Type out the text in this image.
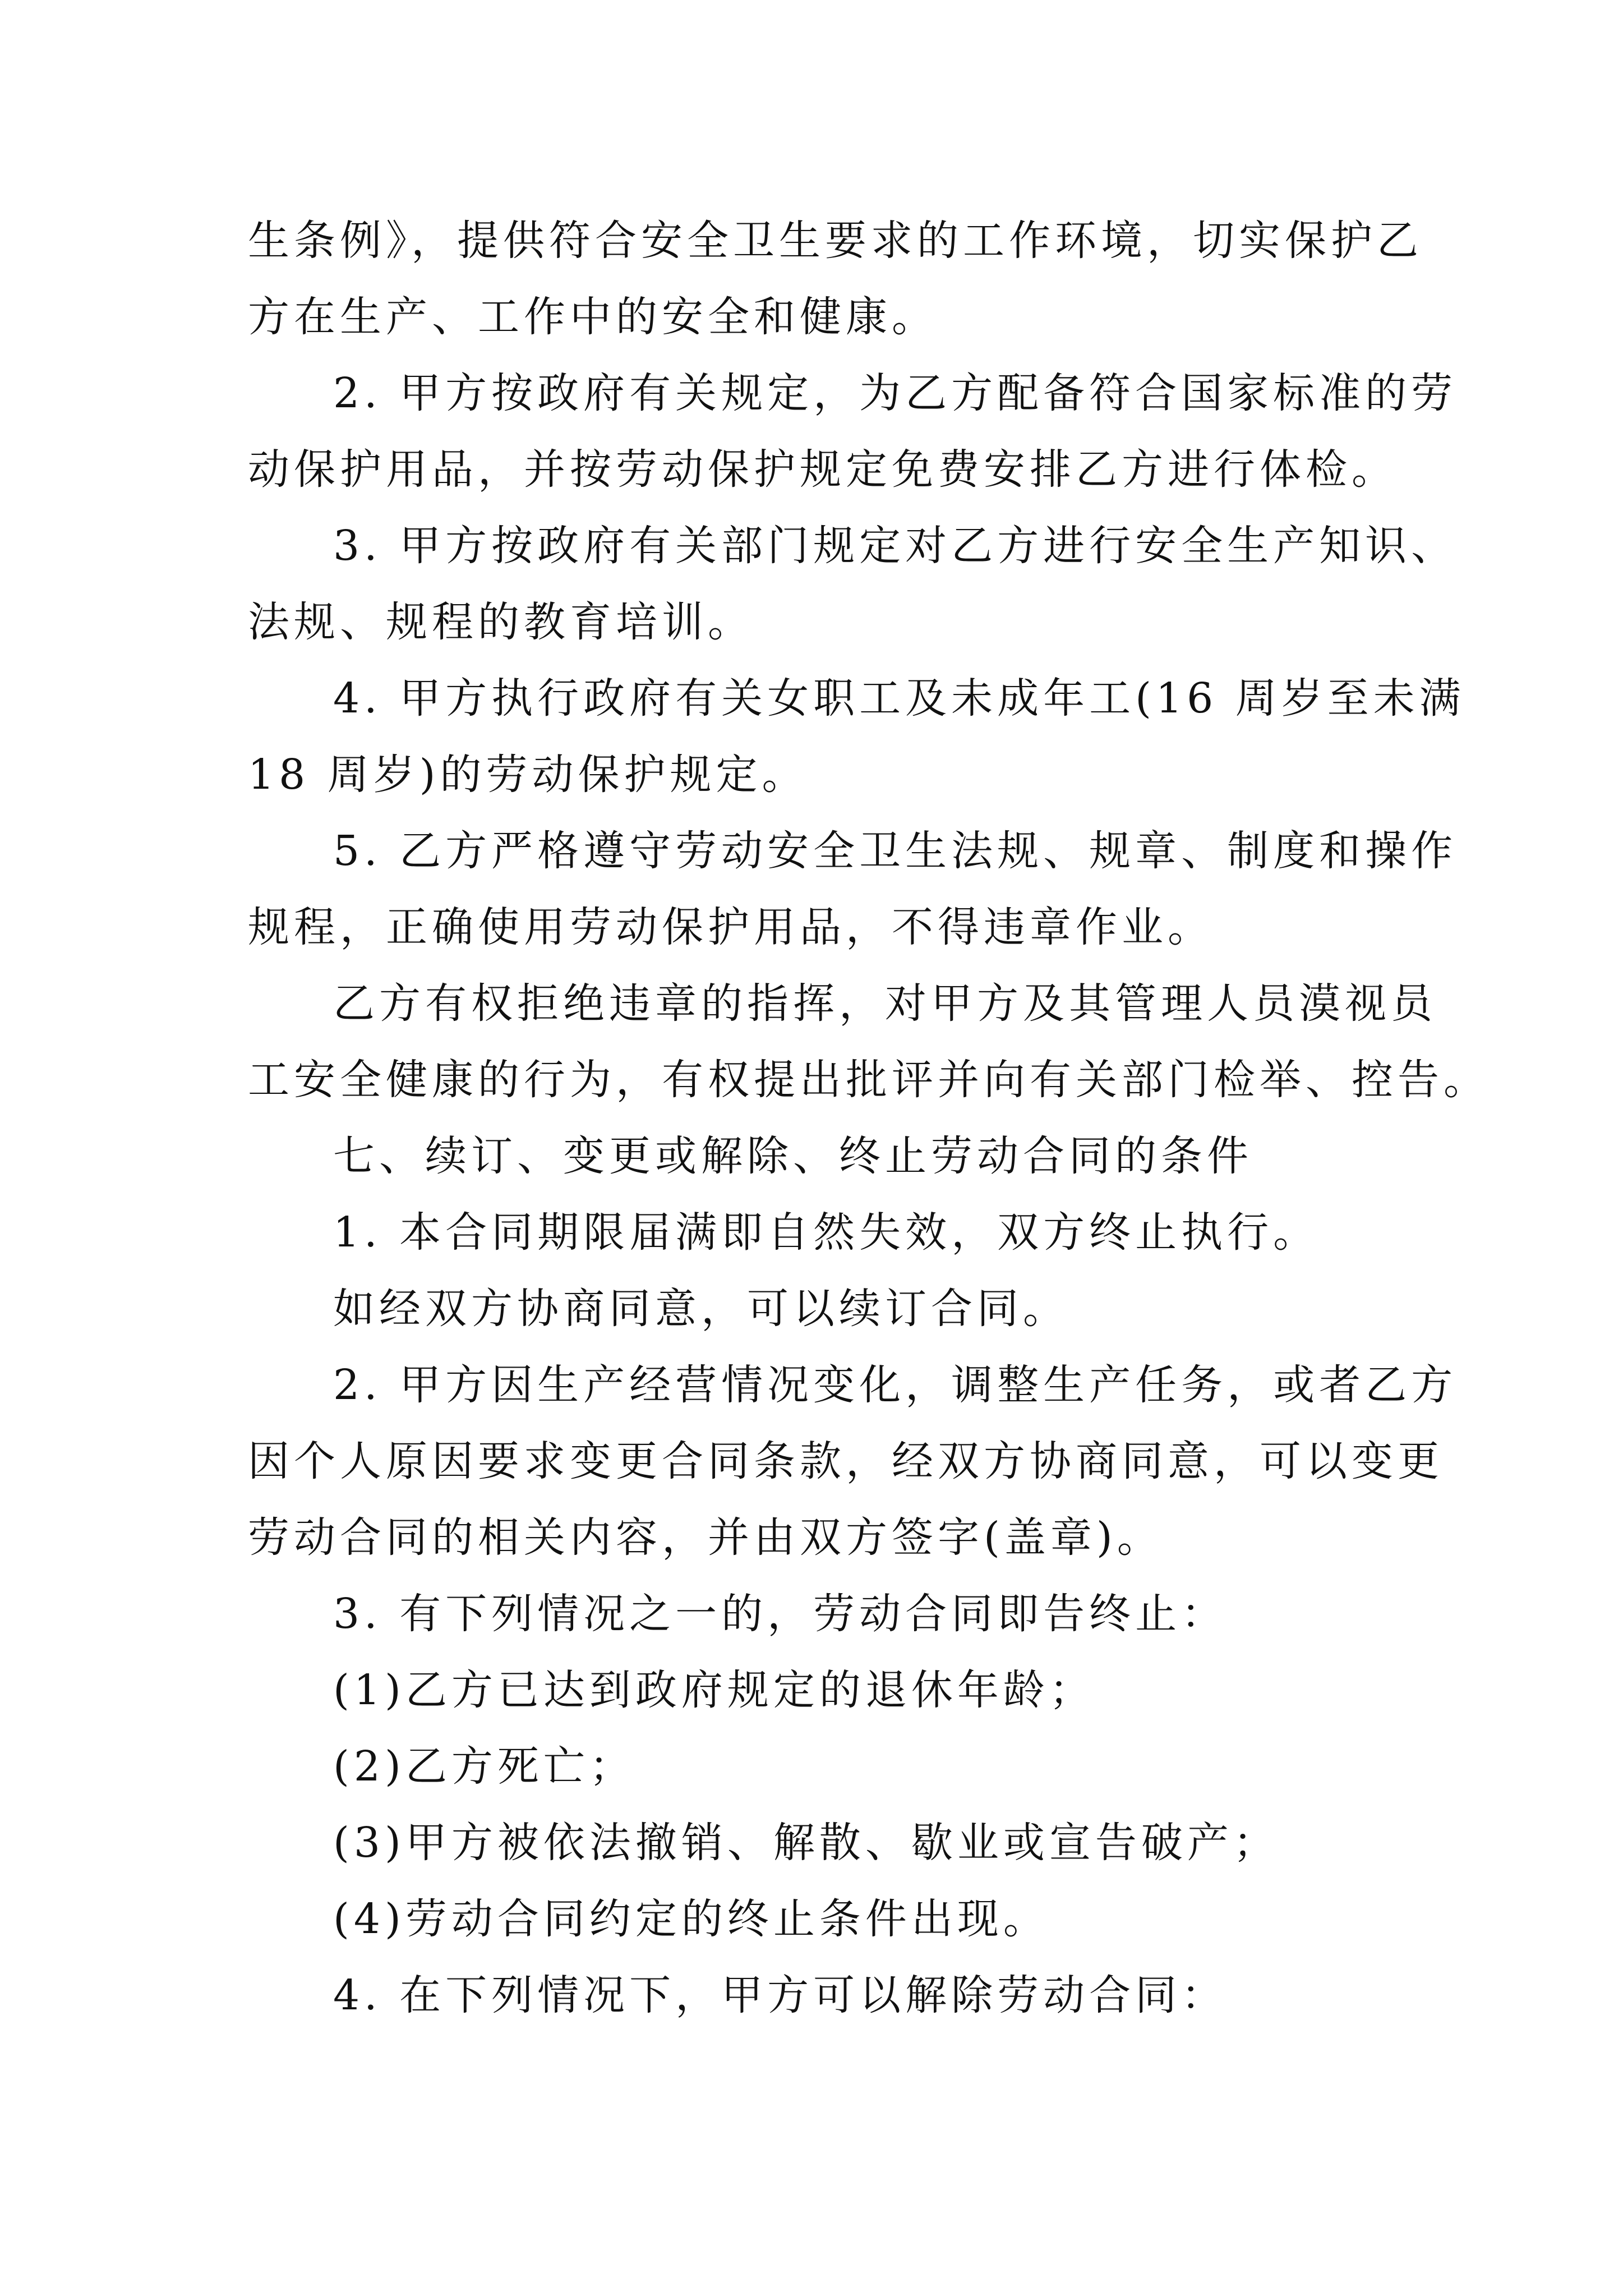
生条例》，提供符合安全卫生要求的工作环境，切实保护乙

方在生产、工作中的安全和健康。

2. 甲方按政府有关规定，为乙方配备符合国家标准的劳

动保护用品，并按劳动保护规定免费安排乙方进行体检。

3. 甲方按政府有关部门规定对乙方进行安全生产知识、

法规、规程的教育培训。

4. 甲方执行政府有关女职工及未成年工(16 周岁至未满

18 周岁)的劳动保护规定。

5. 乙方严格遵守劳动安全卫生法规、规章、制度和操作

规程，正确使用劳动保护用品，不得违章作业。

乙方有权拒绝违章的指挥，对甲方及其管理人员漠视员

工安全健康的行为，有权提出批评并向有关部门检举、控告。

七、续订、变更或解除、终止劳动合同的条件

1. 本合同期限届满即自然失效，双方终止执行。

如经双方协商同意，可以续订合同。

2. 甲方因生产经营情况变化，调整生产任务，或者乙方

因个人原因要求变更合同条款，经双方协商同意，可以变更

劳动合同的相关内容，并由双方签字(盖章)。

3. 有下列情况之一的，劳动合同即告终止：

(1)乙方已达到政府规定的退休年龄；

(2)乙方死亡；

(3)甲方被依法撤销、解散、歇业或宣告破产；

(4)劳动合同约定的终止条件出现。

4. 在下列情况下，甲方可以解除劳动合同：
